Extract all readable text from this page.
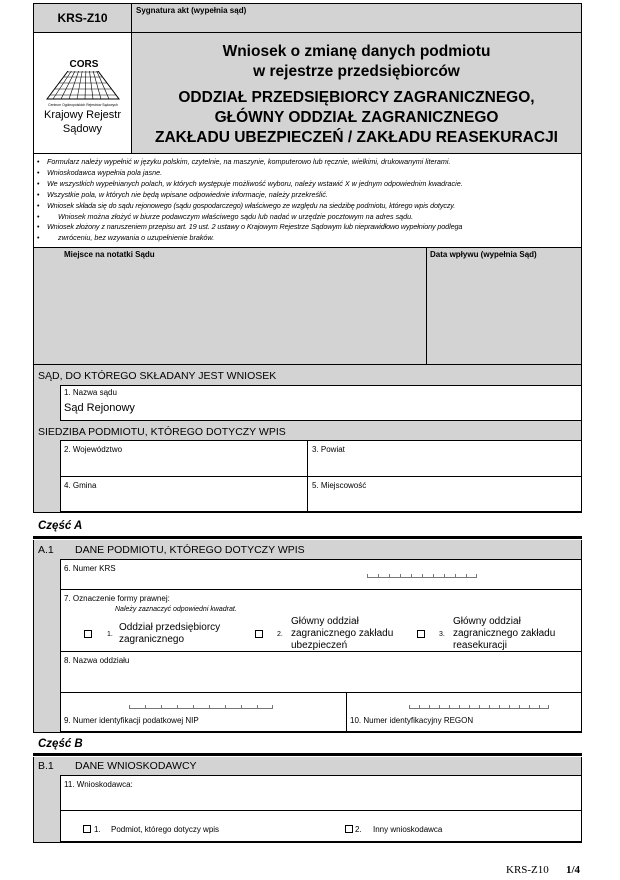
KRS-Z10
Sygnatura akt (wypełnia sąd)
CORS
Centrum Ogólnopolskich Rejestrów Sądowych
Krajowy Rejestr
Sądowy
Wniosek o zmianę danych podmiotu
w rejestrze przedsiębiorców
ODDZIAŁ PRZEDSIĘBIORCY ZAGRANICZNEGO,
GŁÓWNY ODDZIAŁ ZAGRANICZNEGO
ZAKŁADU UBEZPIECZEŃ / ZAKŁADU REASEKURACJI
• Formularz należy wypełnić w języku polskim, czytelnie, na maszynie, komputerowo lub ręcznie, wielkimi, drukowanymi literami.
• Wnioskodawca wypełnia pola jasne.
• We wszystkich wypełnianych polach, w których występuje możliwość wyboru, należy wstawić X w jednym odpowiednim kwadracie.
• Wszystkie pola, w których nie będą wpisane odpowiednie informacje, należy przekreślić.
• Wniosek składa się do sądu rejonowego (sądu gospodarczego) właściwego ze względu na siedzibę podmiotu, którego wpis dotyczy.
• Wniosek można złożyć w biurze podawczym właściwego sądu lub nadać w urzędzie pocztowym na adres sądu.
• Wniosek złożony z naruszeniem przepisu art. 19 ust. 2 ustawy o Krajowym Rejestrze Sądowym lub nieprawidłowo wypełniony podlega
• zwróceniu, bez wzywania o uzupełnienie braków.
Miejsce na notatki Sądu	Data wpływu (wypełnia Sąd)
SĄD, DO KTÓREGO SKŁADANY JEST WNIOSEK
1. Nazwa sądu
Sąd Rejonowy
SIEDZIBA PODMIOTU, KTÓREGO DOTYCZY WPIS
2. Województwo	3. Powiat
4. Gmina	5. Miejscowość
Część A
A.1 DANE PODMIOTU, KTÓREGO DOTYCZY WPIS
6. Numer KRS
7. Oznaczenie formy prawnej:
Należy zaznaczyć odpowiedni kwadrat.
1.
Oddział przedsiębiorcy
zagranicznego	2.
Główny oddział
zagranicznego zakładu
ubezpieczeń
3.
Główny oddział
zagranicznego zakładu
reasekuracji
8. Nazwa oddziału
9. Numer identyfikacji podatkowej NIP	10. Numer identyfikacyjny REGON
Część B
B.1 DANE WNIOSKODAWCY
11. Wnioskodawca:
1. Podmiot, którego dotyczy wpis	2. Inny wnioskodawca
KRS-Z10 1/4
